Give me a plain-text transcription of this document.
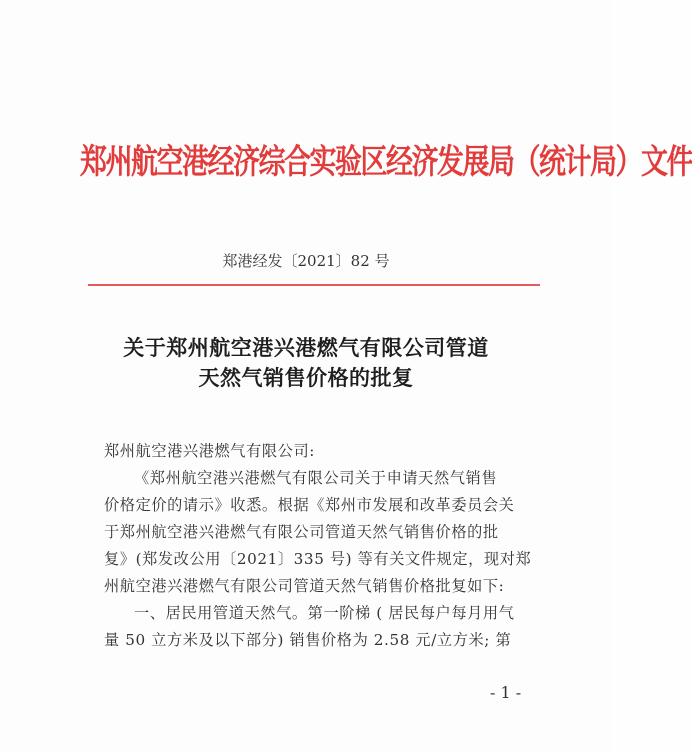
郑州航空港经济综合实验区经济发展局（统计局）文件
郑港经发〔2021〕82 号
关于郑州航空港兴港燃气有限公司管道
天然气销售价格的批复
郑州航空港兴港燃气有限公司:
《郑州航空港兴港燃气有限公司关于申请天然气销售
价格定价的请示》收悉。根据《郑州市发展和改革委员会关
于郑州航空港兴港燃气有限公司管道天然气销售价格的批
复》(郑发改公用〔2021〕335 号) 等有关文件规定，现对郑
州航空港兴港燃气有限公司管道天然气销售价格批复如下:
一、居民用管道天然气。第一阶梯 ( 居民每户每月用气
量 50 立方米及以下部分) 销售价格为 2.58 元/立方米; 第
- 1 -
